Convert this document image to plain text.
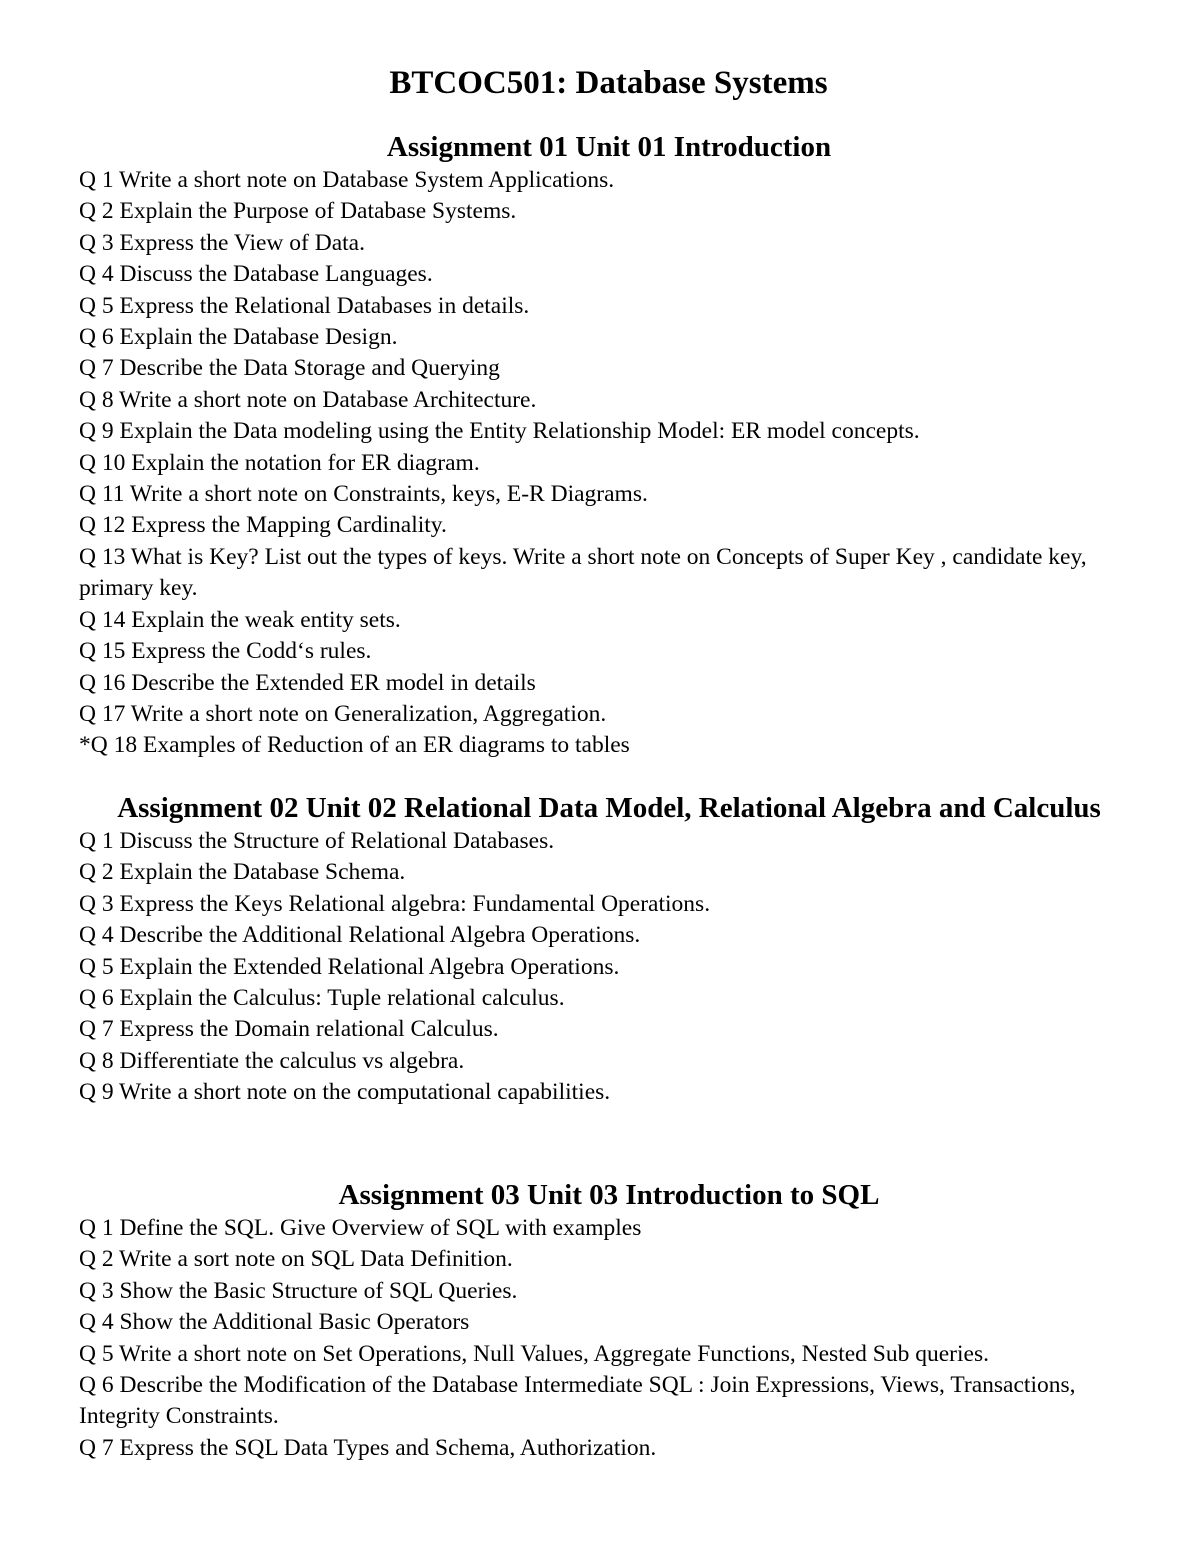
BTCOC501: Database Systems
Assignment 01 Unit 01 Introduction
Q 1 Write a short note on Database System Applications.
Q 2 Explain the Purpose of Database Systems.
Q 3 Express the View of Data.
Q 4 Discuss the Database Languages.
Q 5 Express the Relational Databases in details.
Q 6 Explain the Database Design.
Q 7 Describe the Data Storage and Querying
Q 8 Write a short note on Database Architecture.
Q 9 Explain the Data modeling using the Entity Relationship Model: ER model concepts.
Q 10 Explain the notation for ER diagram.
Q 11 Write a short note on Constraints, keys, E-R Diagrams.
Q 12 Express the Mapping Cardinality.
Q 13 What is Key? List out the types of keys. Write a short note on Concepts of Super Key , candidate key, primary key.
Q 14 Explain the weak entity sets.
Q 15 Express the Codd‘s rules.
Q 16 Describe the Extended ER model in details
Q 17 Write a short note on Generalization, Aggregation.
*Q 18 Examples of Reduction of an ER diagrams to tables
Assignment 02 Unit 02 Relational Data Model, Relational Algebra and Calculus
Q 1 Discuss the Structure of Relational Databases.
Q 2 Explain the Database Schema.
Q 3 Express the Keys Relational algebra: Fundamental Operations.
Q 4 Describe the Additional Relational Algebra Operations.
Q 5 Explain the Extended Relational Algebra Operations.
Q 6 Explain the Calculus: Tuple relational calculus.
Q 7 Express the Domain relational Calculus.
Q 8 Differentiate the calculus vs algebra.
Q 9 Write a short note on the computational capabilities.
Assignment 03 Unit 03 Introduction to SQL
Q 1 Define the SQL. Give Overview of SQL with examples
Q 2 Write a sort note on SQL Data Definition.
Q 3 Show the Basic Structure of SQL Queries.
Q 4 Show the Additional Basic Operators
Q 5 Write a short note on Set Operations, Null Values, Aggregate Functions, Nested Sub queries.
Q 6 Describe the Modification of the Database Intermediate SQL : Join Expressions, Views, Transactions, Integrity Constraints.
Q 7 Express the SQL Data Types and Schema, Authorization.
